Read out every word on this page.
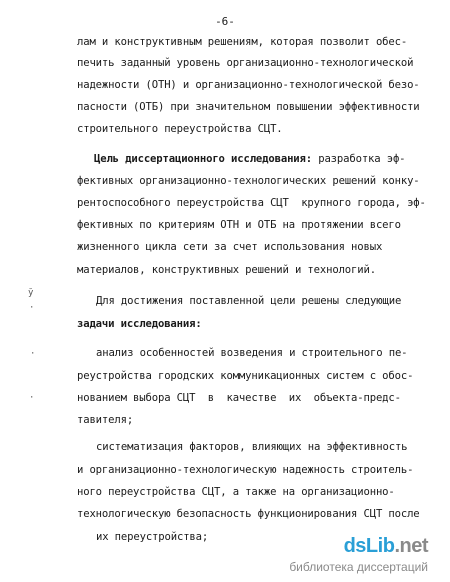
-6-
лам и конструктивным решениям, которая позволит обес-
печить заданный уровень организационно-технологической
надежности (ОТН) и организационно-технологической безо-
пасности (ОТБ) при значительном повышении эффективности
строительного переустройства СЦТ.
Цель диссертационного исследования: разработка эф-
фективных организационно-технологических решений конку-
рентоспособного переустройства СЦТ  крупного города, эф-
фективных по критериям ОТН и ОТБ на протяжении всего
жизненного цикла сети за счет использования новых
материалов, конструктивных решений и технологий.
Для достижения поставленной цели решены следующие
задачи исследования:
анализ особенностей возведения и строительного пе-
реустройства городских коммуникационных систем с обос-
нованием выбора СЦТ  в  качестве  их  объекта-предс-
тавителя;
систематизация факторов, влияющих на эффективность
и организационно-технологическую надежность строитель-
ного переустройства СЦТ, а также на организационно-
технологическую безопасность функционирования СЦТ после
их переустройства;
ў
·
·
·
dsLib.net
библиотека диссертаций
